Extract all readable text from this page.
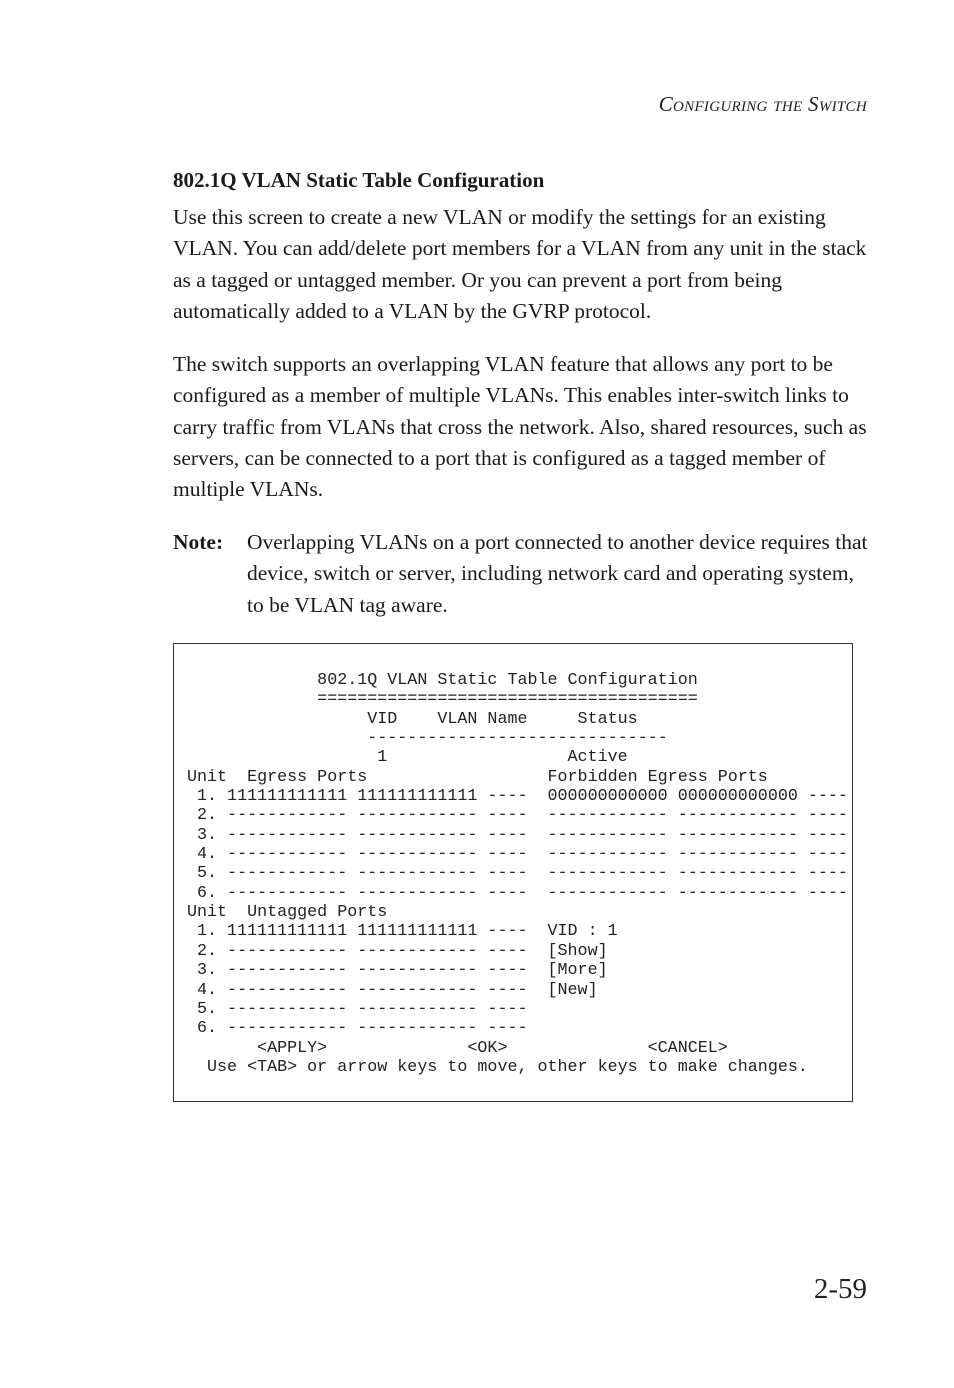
Configuring the Switch
802.1Q VLAN Static Table Configuration

Use this screen to create a new VLAN or modify the settings for an existing VLAN. You can add/delete port members for a VLAN from any unit in the stack as a tagged or untagged member. Or you can prevent a port from being automatically added to a VLAN by the GVRP protocol.

The switch supports an overlapping VLAN feature that allows any port to be configured as a member of multiple VLANs. This enables inter-switch links to carry traffic from VLANs that cross the network. Also, shared resources, such as servers, can be connected to a port that is configured as a tagged member of multiple VLANs.

Note: Overlapping VLANs on a port connected to another device requires that device, switch or server, including network card and operating system, to be VLAN tag aware.
802.1Q VLAN Static Table Configuration
======================================
VID    VLAN Name     Status
------------------------------
1                  Active
Unit  Egress Ports                  Forbidden Egress Ports
1. 111111111111 111111111111 ----  000000000000 000000000000 ----
2. ------------ ------------ ----  ------------ ------------ ----
3. ------------ ------------ ----  ------------ ------------ ----
4. ------------ ------------ ----  ------------ ------------ ----
5. ------------ ------------ ----  ------------ ------------ ----
6. ------------ ------------ ----  ------------ ------------ ----
Unit  Untagged Ports
1. 111111111111 111111111111 ----  VID : 1
2. ------------ ------------ ----  [Show]
3. ------------ ------------ ----  [More]
4. ------------ ------------ ----  [New]
5. ------------ ------------ ----
6. ------------ ------------ ----
<APPLY>              <OK>              <CANCEL>
Use <TAB> or arrow keys to move, other keys to make changes.
2-59
